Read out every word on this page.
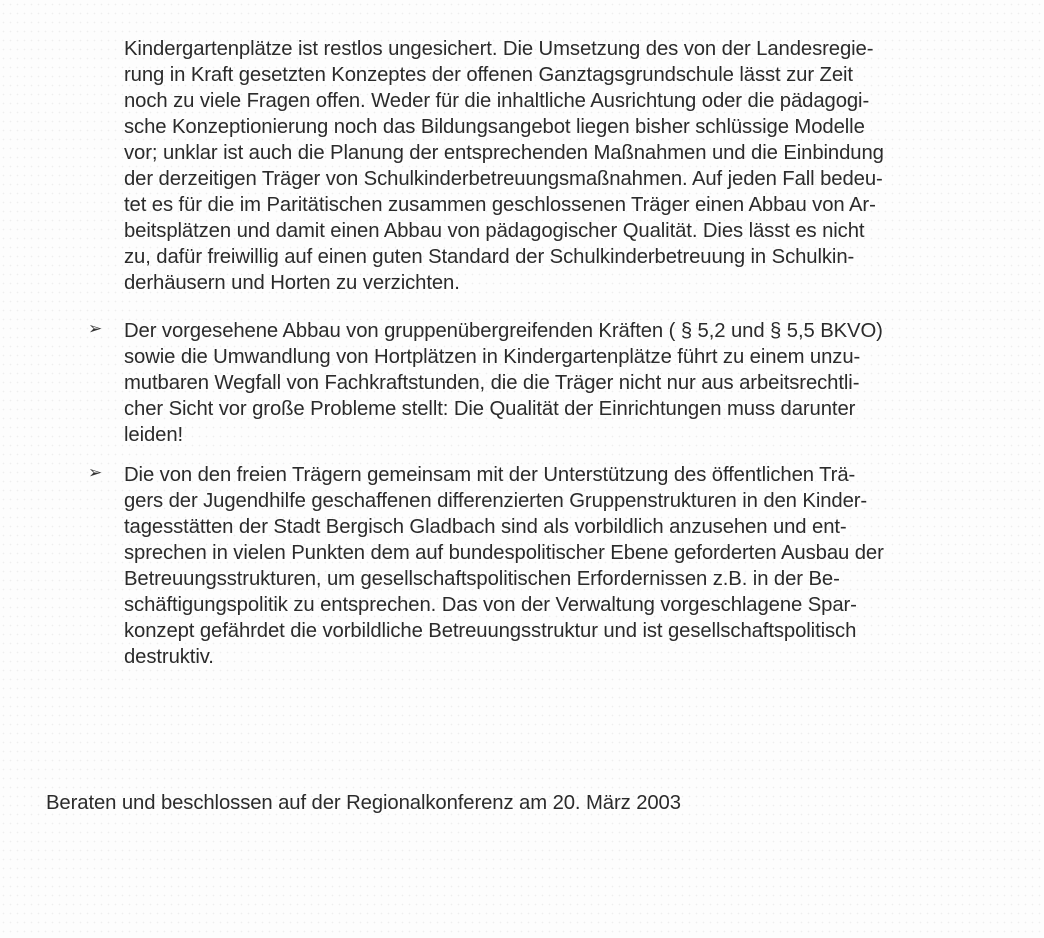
Kindergartenplätze ist restlos ungesichert. Die Umsetzung des von der Landesregie-
rung in Kraft gesetzten Konzeptes der offenen Ganztagsgrundschule lässt zur Zeit
noch zu viele Fragen offen. Weder für die inhaltliche Ausrichtung oder die pädagogi-
sche Konzeptionierung noch das Bildungsangebot liegen bisher schlüssige Modelle
vor; unklar ist auch die Planung der entsprechenden Maßnahmen und die Einbindung
der derzeitigen Träger von Schulkinderbetreuungsmaßnahmen. Auf jeden Fall bedeu-
tet es für die im Paritätischen zusammen geschlossenen Träger einen Abbau von Ar-
beitsplätzen und damit einen Abbau von pädagogischer Qualität. Dies lässt es nicht
zu, dafür freiwillig auf einen guten Standard der Schulkinderbetreuung in Schulkin-
derhäusern und Horten zu verzichten.
➢ Der vorgesehene Abbau von gruppenübergreifenden Kräften ( § 5,2 und § 5,5 BKVO)
sowie die Umwandlung von Hortplätzen in Kindergartenplätze führt zu einem unzu-
mutbaren Wegfall von Fachkraftstunden, die die Träger nicht nur aus arbeitsrechtli-
cher Sicht vor große Probleme stellt: Die Qualität der Einrichtungen muss darunter
leiden!
➢ Die von den freien Trägern gemeinsam mit der Unterstützung des öffentlichen Trä-
gers der Jugendhilfe geschaffenen differenzierten Gruppenstrukturen in den Kinder-
tagesstätten der Stadt Bergisch Gladbach sind als vorbildlich anzusehen und ent-
sprechen in vielen Punkten dem auf bundespolitischer Ebene geforderten Ausbau der
Betreuungsstrukturen, um gesellschaftspolitischen Erfordernissen z.B. in der Be-
schäftigungspolitik zu entsprechen. Das von der Verwaltung vorgeschlagene Spar-
konzept gefährdet die vorbildliche Betreuungsstruktur und ist gesellschaftspolitisch
destruktiv.
Beraten und beschlossen auf der Regionalkonferenz am 20. März 2003
